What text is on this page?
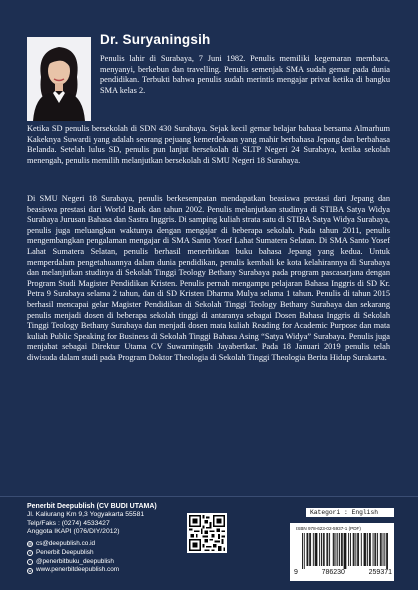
Dr. Suryaningsih

Penulis lahir di Surabaya, 7 Juni 1982. Penulis memiliki kegemaran membaca, menyanyi, berkebun dan travelling. Penulis semenjak SMA sudah gemar pada dunia pendidikan. Terbukti bahwa penulis sudah merintis mengajar privat ketika di bangku SMA kelas 2.

Ketika SD penulis bersekolah di SDN 430 Surabaya. Sejak kecil gemar belajar bahasa bersama Almarhum Kakeknya Suwardi yang adalah seorang pejuang kemerdekaan yang mahir berbahasa Jepang dan berbahasa Belanda. Setelah lulus SD, penulis pun lanjut bersekolah di SLTP Negeri 24 Surabaya, ketika sekolah menengah, penulis memilih melanjutkan bersekolah di SMU Negeri 18 Surabaya.

Di SMU Negeri 18 Surabaya, penulis berkesempatan mendapatkan beasiswa prestasi dari Jepang dan beasiswa prestasi dari World Bank dan tahun 2002. Penulis melanjutkan studinya di STIBA Satya Widya Surabaya Jurusan Bahasa dan Sastra Inggris. Di samping kuliah strata satu di STIBA Satya Widya Surabaya, penulis juga meluangkan waktunya dengan mengajar di beberapa sekolah. Pada tahun 2011, penulis mengembangkan pengalaman mengajar di SMA Santo Yosef Lahat Sumatera Selatan. Di SMA Santo Yosef Lahat Sumatera Selatan, penulis berhasil menerbitkan buku bahasa Jepang yang kedua. Untuk memperdalam pengetahuannya dalam dunia pendidikan, penulis kembali ke kota kelahirannya di Surabaya dan melanjutkan studinya di Sekolah Tinggi Teology Bethany Surabaya pada program pascasarjana dengan Program Studi Magister Pendidikan Kristen. Penulis pernah mengampu pelajaran Bahasa Inggris di SD Kr. Petra 9 Surabaya selama 2 tahun, dan di SD Kristen Dharma Mulya selama 1 tahun. Penulis di tahun 2015 berhasil mencapai gelar Magister Pendidikan di Sekolah Tinggi Teology Bethany Surabaya dan sekarang penulis menjadi dosen di beberapa sekolah tinggi di antaranya sebagai Dosen Bahasa Inggris di Sekolah Tinggi Teology Bethany Surabaya dan menjadi dosen mata kuliah Reading for Academic Purpose dan mata kuliah Public Speaking for Business di Sekolah Tinggi Bahasa Asing “Satya Widya” Surabaya. Penulis juga menjabat sebagai Direktur Utama CV Suwarningsih Jayabertkat. Pada 18 Januari 2019 penulis telah diwisuda dalam studi pada Program Doktor Theologia di Sekolah Tinggi Theologia Berita Hidup Surakarta.

Penerbit Deepublish (CV BUDI UTAMA)
Jl. Kaliurang Km 9,3 Yogyakarta 55581
Telp/Faks : (0274) 4533427
Anggota IKAPI (076/DIY/2012)
@ cs@deepublish.co.id
f Penerbit Deepublish
◦ @penerbitbuku_deepublish
w www.penerbitdeepublish.com
Kategori : English
ISBN 978-623-02-5937-1 (PDF)
9	786230	259371
